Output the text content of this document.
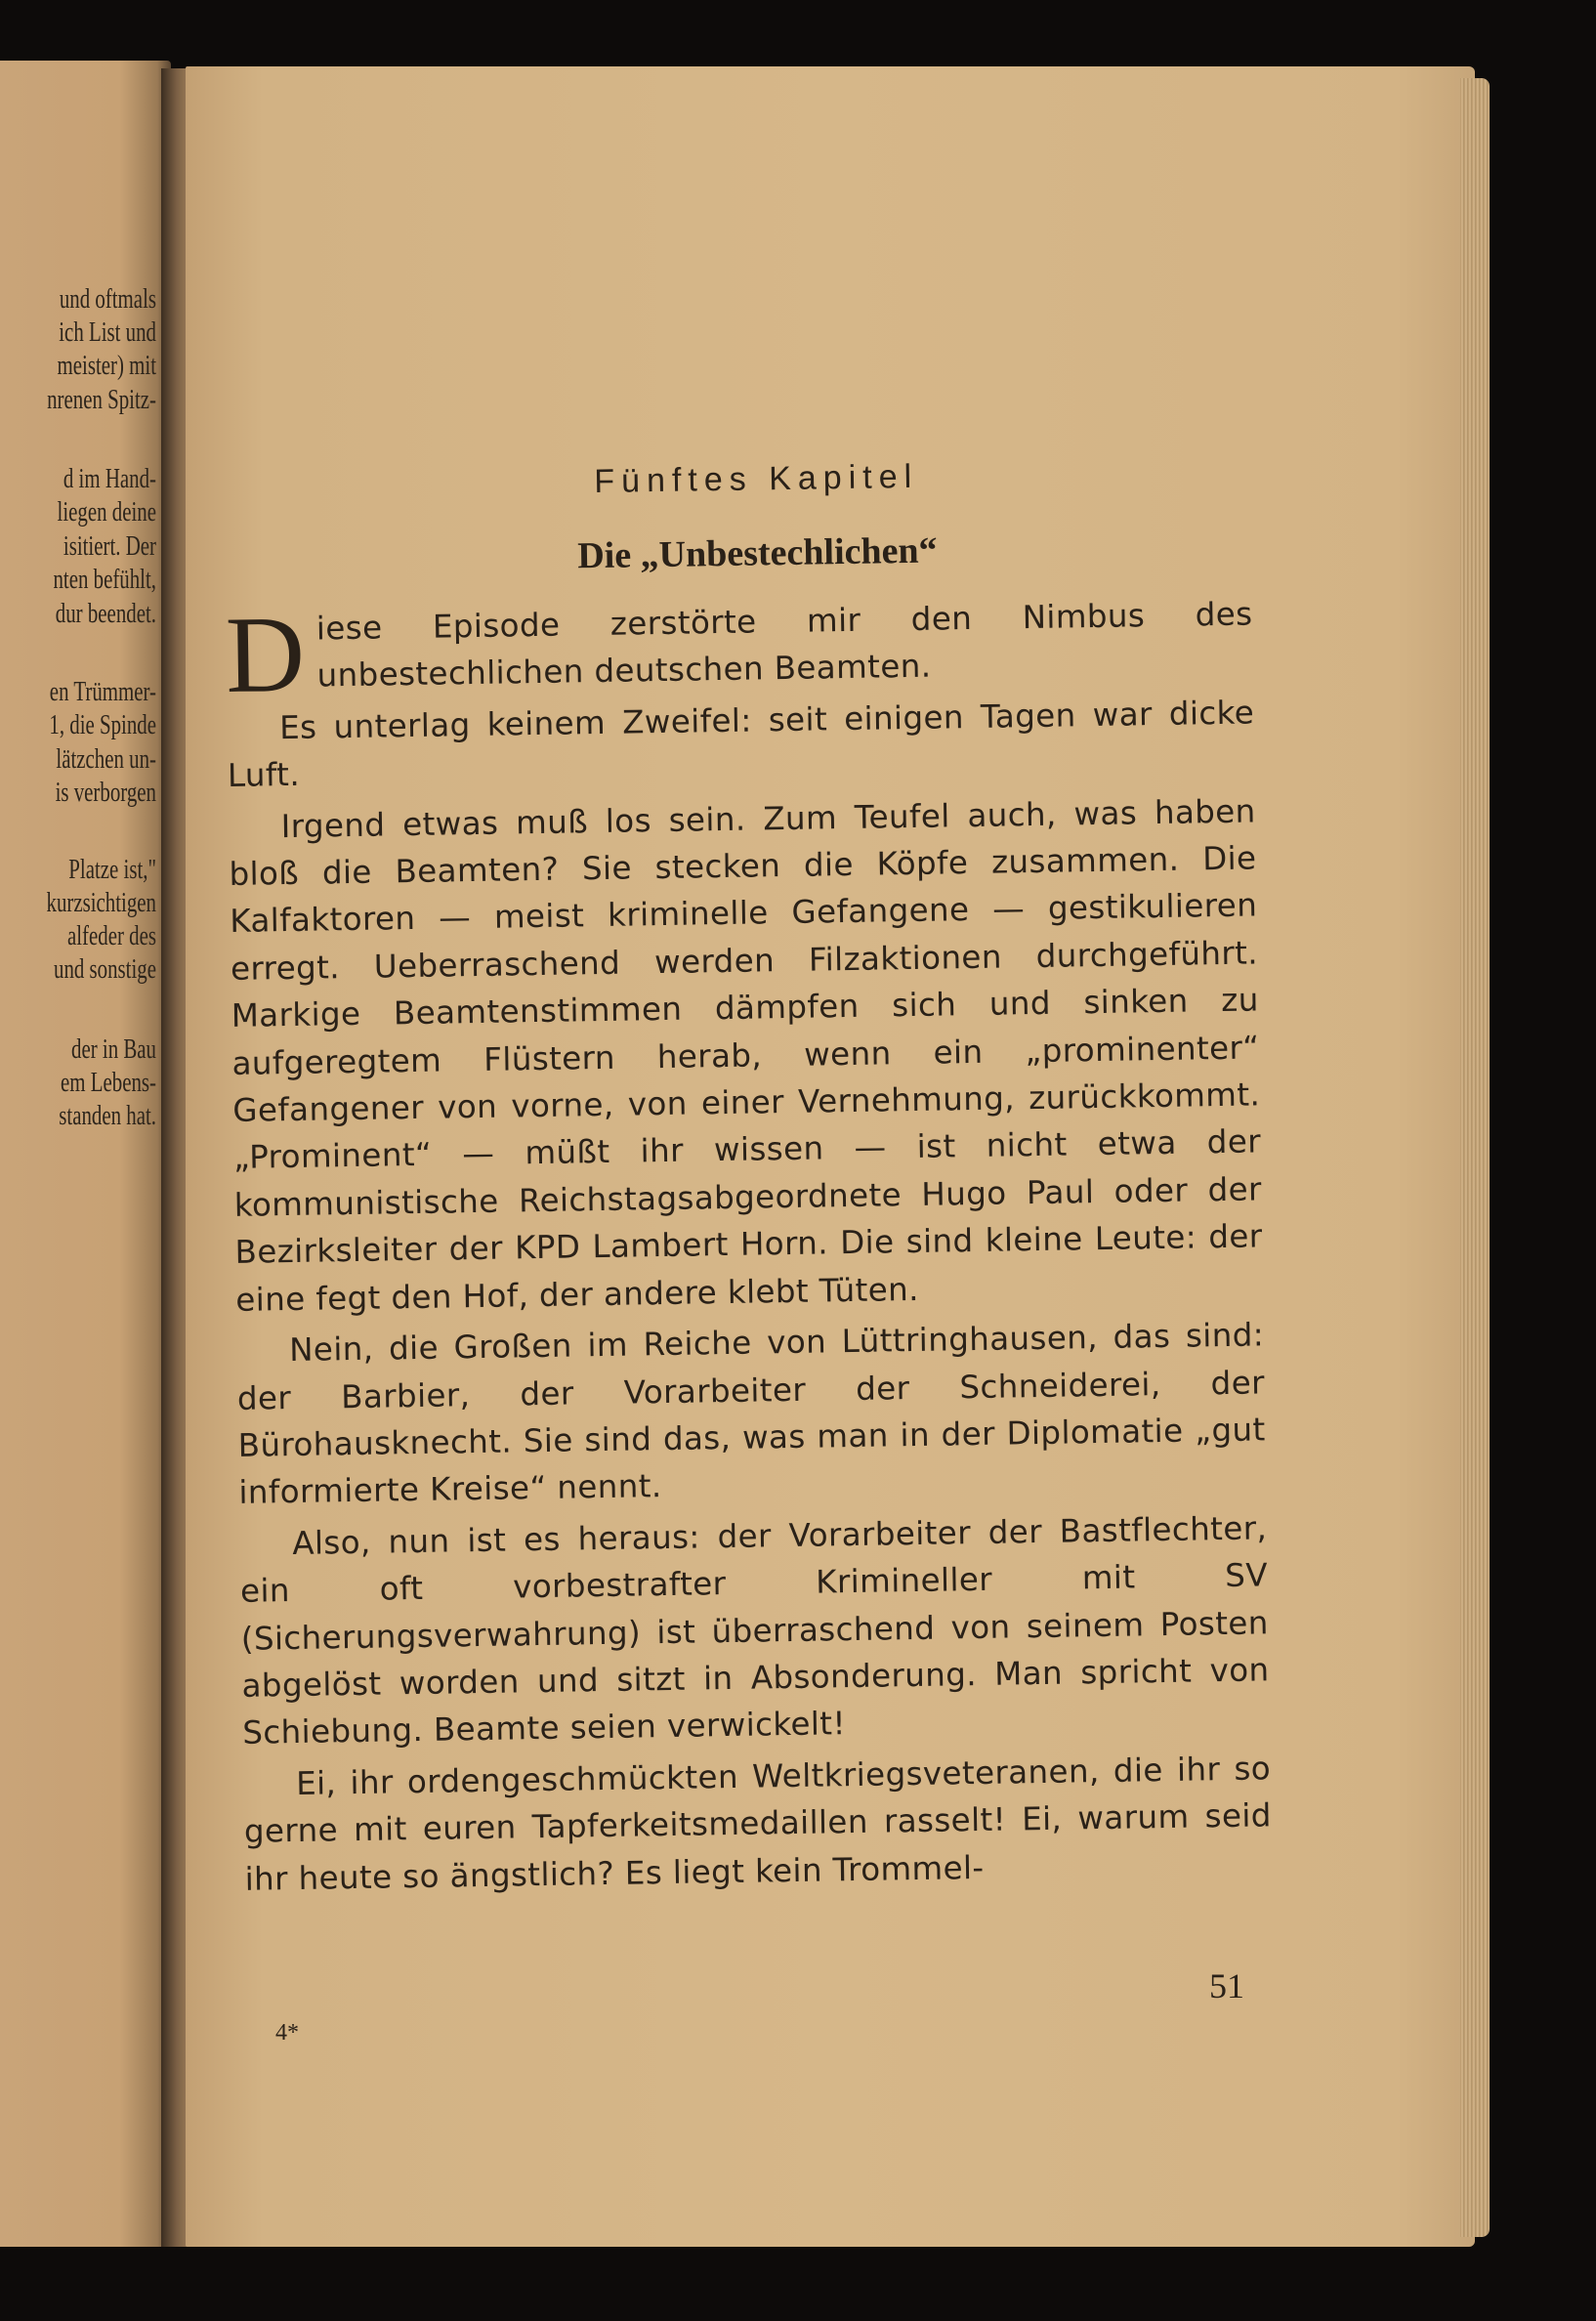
und oftmals
ich List und
meister) mit
nrenen Spitz-
d im Hand-
liegen deine
isitiert. Der
nten befühlt,
dur beendet.
en Trümmer-
1, die Spinde
lätzchen un-
is verborgen
Platze ist,"
kurzsichtigen
alfeder des
und sonstige
der in Bau
em Lebens-
standen hat.
Fünftes Kapitel
Die „Unbestechlichen“

Diese Episode zerstörte mir den Nimbus des unbestechlichen deutschen Beamten.

Es unterlag keinem Zweifel: seit einigen Tagen war dicke Luft.

Irgend etwas muß los sein. Zum Teufel auch, was haben bloß die Beamten? Sie stecken die Köpfe zusammen. Die Kalfaktoren — meist kriminelle Gefangene — gestikulieren erregt. Ueberraschend werden Filzaktionen durchgeführt. Markige Beamtenstimmen dämpfen sich und sinken zu aufgeregtem Flüstern herab, wenn ein „prominenter“ Gefangener von vorne, von einer Vernehmung, zurückkommt. „Prominent“ — müßt ihr wissen — ist nicht etwa der kommunistische Reichstagsabgeordnete Hugo Paul oder der Bezirksleiter der KPD Lambert Horn. Die sind kleine Leute: der eine fegt den Hof, der andere klebt Tüten.

Nein, die Großen im Reiche von Lüttringhausen, das sind: der Barbier, der Vorarbeiter der Schneiderei, der Bürohausknecht. Sie sind das, was man in der Diplomatie „gut informierte Kreise“ nennt.

Also, nun ist es heraus: der Vorarbeiter der Bastflechter, ein oft vorbestrafter Krimineller mit SV (Sicherungsverwahrung) ist überraschend von seinem Posten abgelöst worden und sitzt in Absonderung. Man spricht von Schiebung. Beamte seien verwickelt!

Ei, ihr ordengeschmückten Weltkriegsveteranen, die ihr so gerne mit euren Tapferkeitsmedaillen rasselt! Ei, warum seid ihr heute so ängstlich? Es liegt kein Trommel-

51
4*
